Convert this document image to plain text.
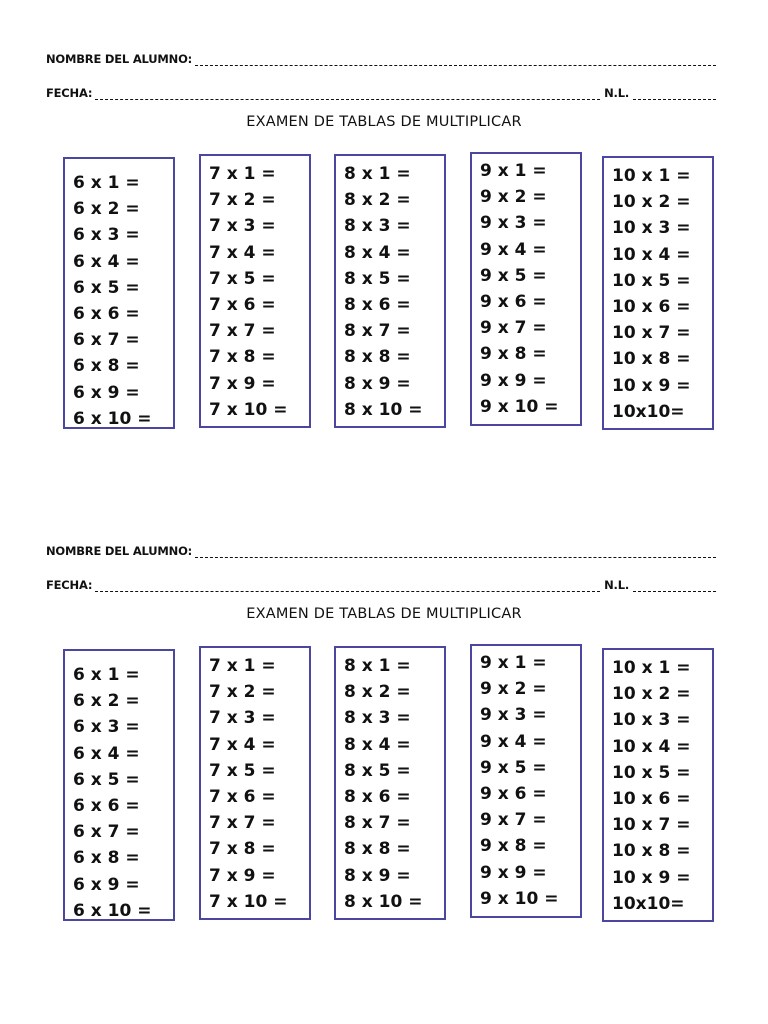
NOMBRE DEL ALUMNO:
FECHA:	N.L.
EXAMEN DE TABLAS DE MULTIPLICAR
6 x 1 =
6 x 2 =
6 x 3 =
6 x 4 =
6 x 5 =
6 x 6 =
6 x 7 =
6 x 8 =
6 x 9 =
6 x 10 =
7 x 1 =
7 x 2 =
7 x 3 =
7 x 4 =
7 x 5 =
7 x 6 =
7 x 7 =
7 x 8 =
7 x 9 =
7 x 10 =
8 x 1 =
8 x 2 =
8 x 3 =
8 x 4 =
8 x 5 =
8 x 6 =
8 x 7 =
8 x 8 =
8 x 9 =
8 x 10 =
9 x 1 =
9 x 2 =
9 x 3 =
9 x 4 =
9 x 5 =
9 x 6 =
9 x 7 =
9 x 8 =
9 x 9 =
9 x 10 =
10 x 1 =
10 x 2 =
10 x 3 =
10 x 4 =
10 x 5 =
10 x 6 =
10 x 7 =
10 x 8 =
10 x 9 =
10x10=
NOMBRE DEL ALUMNO:
FECHA:	N.L.
EXAMEN DE TABLAS DE MULTIPLICAR
6 x 1 =
6 x 2 =
6 x 3 =
6 x 4 =
6 x 5 =
6 x 6 =
6 x 7 =
6 x 8 =
6 x 9 =
6 x 10 =
7 x 1 =
7 x 2 =
7 x 3 =
7 x 4 =
7 x 5 =
7 x 6 =
7 x 7 =
7 x 8 =
7 x 9 =
7 x 10 =
8 x 1 =
8 x 2 =
8 x 3 =
8 x 4 =
8 x 5 =
8 x 6 =
8 x 7 =
8 x 8 =
8 x 9 =
8 x 10 =
9 x 1 =
9 x 2 =
9 x 3 =
9 x 4 =
9 x 5 =
9 x 6 =
9 x 7 =
9 x 8 =
9 x 9 =
9 x 10 =
10 x 1 =
10 x 2 =
10 x 3 =
10 x 4 =
10 x 5 =
10 x 6 =
10 x 7 =
10 x 8 =
10 x 9 =
10x10=
